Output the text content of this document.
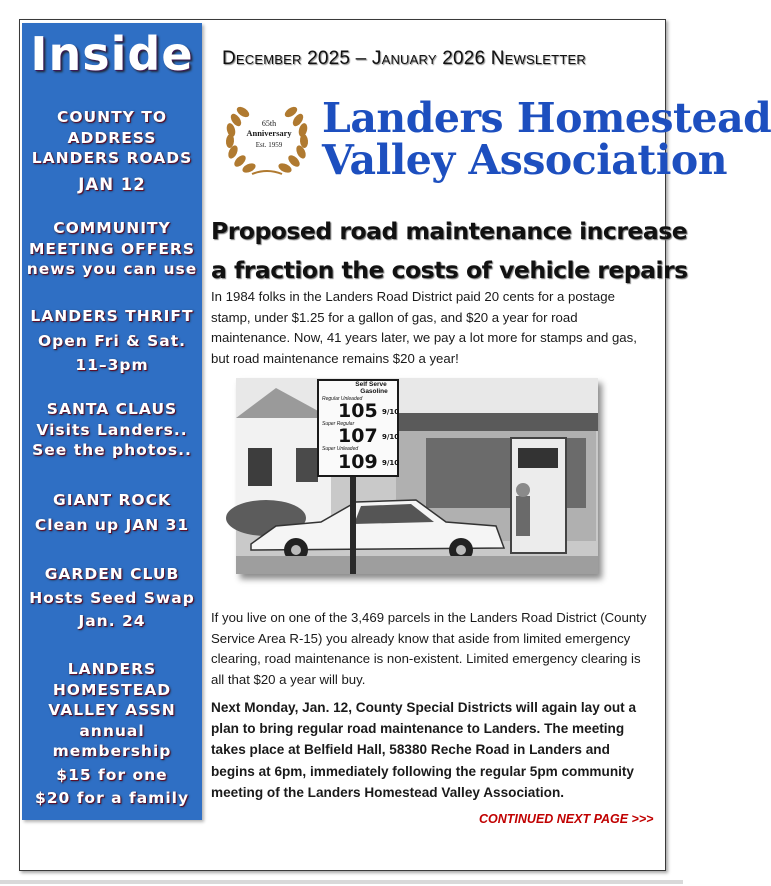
Inside
COUNTY TO
ADDRESS
LANDERS ROADS
JAN 12
COMMUNITY
MEETING OFFERS
news you can use
LANDERS THRIFT
Open Fri & Sat.
11–3pm
SANTA CLAUS
Visits Landers..
See the photos..
GIANT ROCK
Clean up JAN 31
GARDEN CLUB
Hosts Seed Swap
Jan. 24
LANDERS
HOMESTEAD
VALLEY ASSN
annual
membership
$15 for one
$20 for a family
December 2025 – January 2026 Newsletter
65th
Anniversary
Est. 1959
Landers Homestead
Valley Association
Proposed road maintenance increase
a fraction the costs of vehicle repairs
In 1984 folks in the Landers Road District paid 20 cents for a postage
stamp, under $1.25 for a gallon of gas, and $20 a year for road
maintenance. Now, 41 years later, we pay a lot more for stamps and gas,
but road maintenance remains $20 a year!
Self Serve
Gasoline
Regular Unleaded
105 9/10
Super Regular
107 9/10
Super Unleaded
109 9/10
If you live on one of the 3,469 parcels in the Landers Road District (County
Service Area R-15) you already know that aside from limited emergency
clearing, road maintenance is non-existent. Limited emergency clearing is
all that $20 a year will buy.
Next Monday, Jan. 12, County Special Districts will again lay out a
plan to bring regular road maintenance to Landers. The meeting
takes place at Belfield Hall, 58380 Reche Road in Landers and
begins at 6pm, immediately following the regular 5pm community
meeting of the Landers Homestead Valley Association.
CONTINUED NEXT PAGE >>>
